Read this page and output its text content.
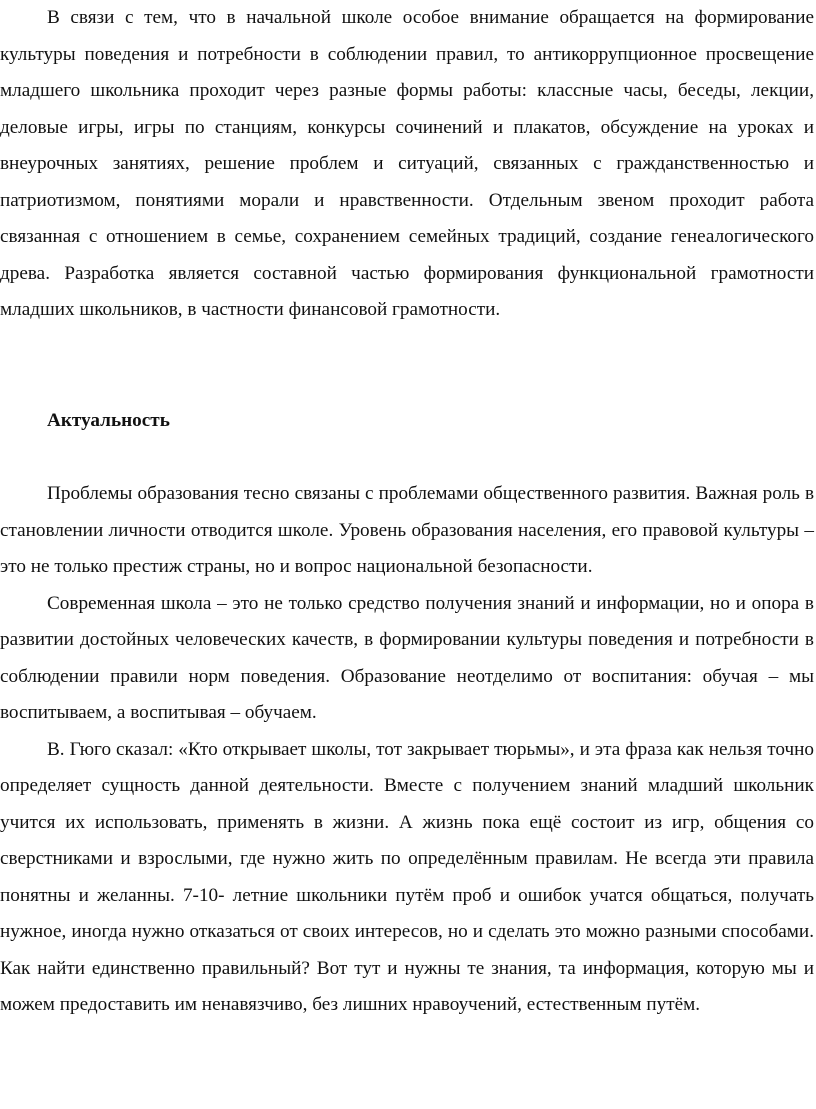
В связи с тем, что в начальной школе особое внимание обращается на формирование культуры поведения и потребности в соблюдении правил, то антикоррупционное просвещение младшего школьника проходит через разные формы работы: классные часы, беседы, лекции, деловые игры, игры по станциям, конкурсы сочинений и плакатов, обсуждение на уроках и внеурочных занятиях, решение проблем и ситуаций, связанных с гражданственностью и патриотизмом, понятиями морали и нравственности. Отдельным звеном проходит работа связанная с отношением в семье, сохранением семейных традиций, создание генеалогического древа. Разработка является составной частью формирования функциональной грамотности младших школьников, в частности финансовой грамотности.

Актуальность

Проблемы образования тесно связаны с проблемами общественного развития. Важная роль в становлении личности отводится школе. Уровень образования населения, его правовой культуры – это не только престиж страны, но и вопрос национальной безопасности.

Современная школа – это не только средство получения знаний и информации, но и опора в развитии достойных человеческих качеств, в формировании культуры поведения и потребности в соблюдении правили норм поведения. Образование неотделимо от воспитания: обучая – мы воспитываем, а воспитывая – обучаем.

В. Гюго сказал: «Кто открывает школы, тот закрывает тюрьмы», и эта фраза как нельзя точно определяет сущность данной деятельности. Вместе с получением знаний младший школьник учится их использовать, применять в жизни. А жизнь пока ещё состоит из игр, общения со сверстниками и взрослыми, где нужно жить по определённым правилам. Не всегда эти правила понятны и желанны. 7-10- летние школьники путём проб и ошибок учатся общаться, получать нужное, иногда нужно отказаться от своих интересов, но и сделать это можно разными способами. Как найти единственно правильный? Вот тут и нужны те знания, та информация, которую мы и можем предоставить им ненавязчиво, без лишних нравоучений, естественным путём.
